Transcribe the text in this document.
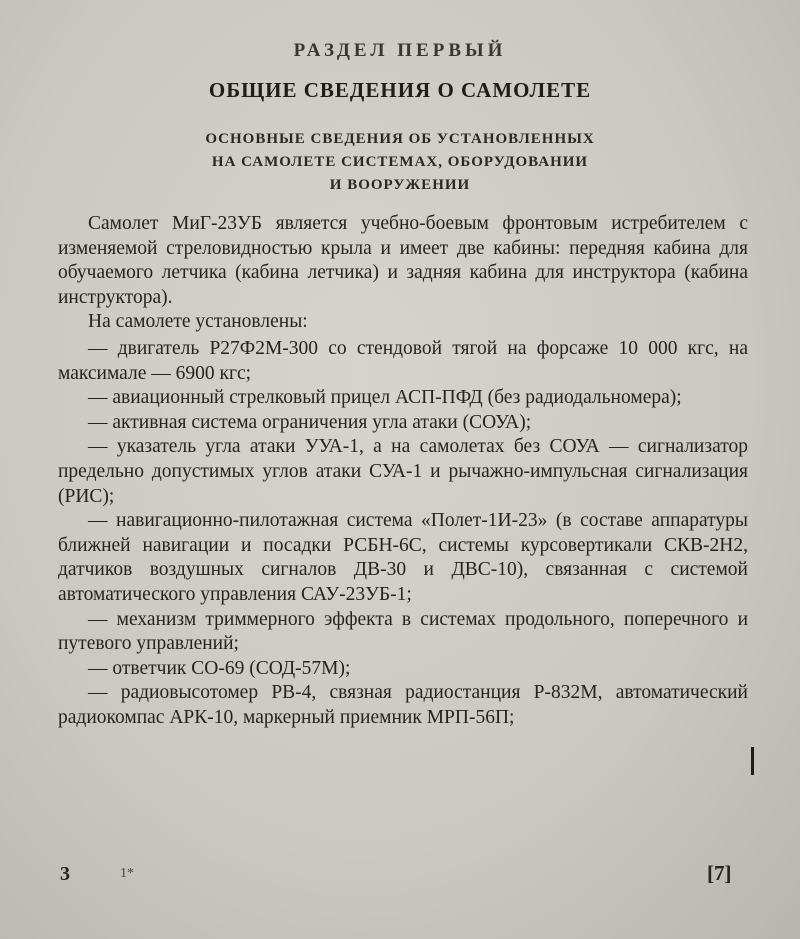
РАЗДЕЛ ПЕРВЫЙ
ОБЩИЕ СВЕДЕНИЯ О САМОЛЕТЕ
ОСНОВНЫЕ СВЕДЕНИЯ ОБ УСТАНОВЛЕННЫХ
НА САМОЛЕТЕ СИСТЕМАХ, ОБОРУДОВАНИИ
И ВООРУЖЕНИИ

Самолет МиГ-23УБ является учебно-боевым фронтовым истребителем с изменяемой стреловидностью крыла и имеет две кабины: передняя кабина для обучаемого летчика (кабина летчика) и задняя кабина для инструктора (кабина инструктора).

На самолете установлены:

— двигатель Р27Ф2М-300 со стендовой тягой на форсаже 10 000 кгс, на максимале — 6900 кгс;

— авиационный стрелковый прицел АСП-ПФД (без радиодальномера);

— активная система ограничения угла атаки (СОУА);

— указатель угла атаки УУА-1, а на самолетах без СОУА — сигнализатор предельно допустимых углов атаки СУА-1 и рычажно-импульсная сигнализация (РИС);

— навигационно-пилотажная система «Полет-1И-23» (в составе аппаратуры ближней навигации и посадки РСБН-6С, системы курсовертикали СКВ-2Н2, датчиков воздушных сигналов ДВ-30 и ДВС-10), связанная с системой автоматического управления САУ-23УБ-1;

— механизм триммерного эффекта в системах продольного, поперечного и путевого управлений;

— ответчик СО-69 (СОД-57М);

— радиовысотомер РВ-4, связная радиостанция Р-832М, автоматический радиокомпас АРК-10, маркерный приемник МРП-56П;

3	1*	[7]
